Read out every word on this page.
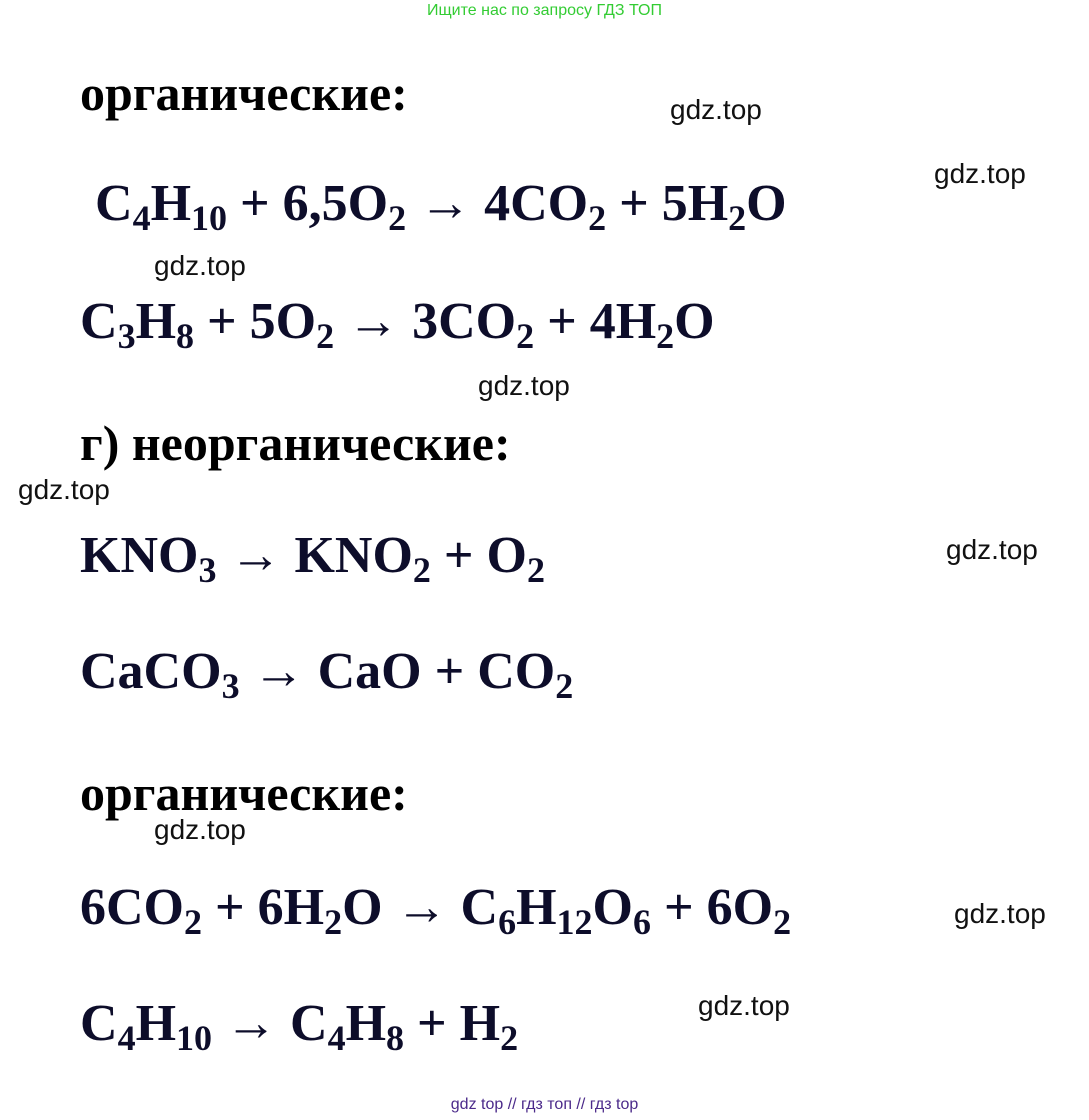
Ищите нас по запросу ГДЗ ТОП
органические:
C4H10 + 6,5O2 → 4CO2 + 5H2O
C3H8 + 5O2 → 3CO2 + 4H2O
г) неорганические:
KNO3 → KNO2 + O2
CaCO3 → CaO + CO2
органические:
6CO2 + 6H2O → C6H12O6 + 6O2
C4H10 → C4H8 + H2
gdz.top
gdz.top
gdz.top
gdz.top
gdz.top
gdz.top
gdz.top
gdz.top
gdz.top
gdz top // гдз топ // гдз top
